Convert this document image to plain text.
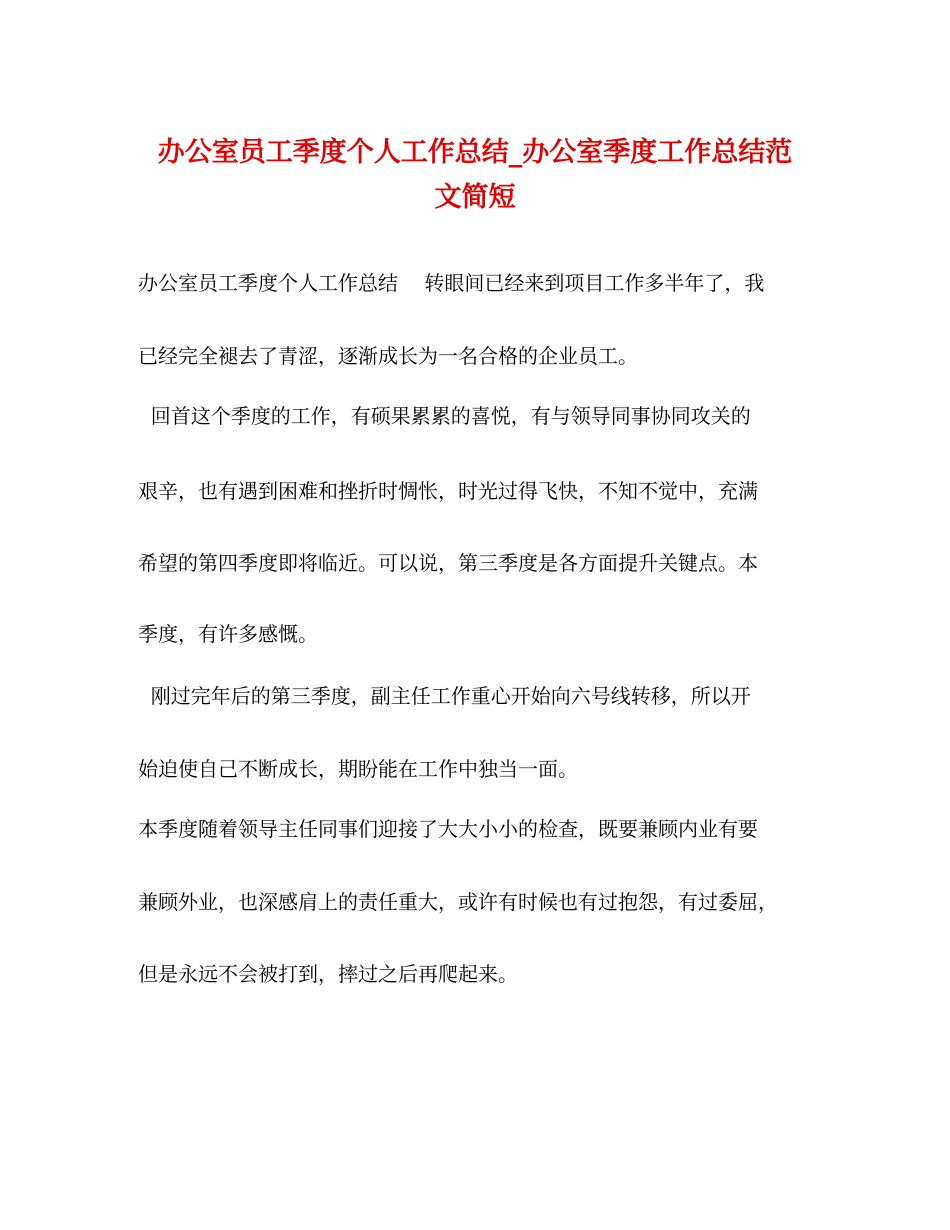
办公室员工季度个人工作总结_办公室季度工作总结范
文简短
办公室员工季度个人工作总结　 转眼间已经来到项目工作多半年了，我
已经完全褪去了青涩，逐渐成长为一名合格的企业员工。
回首这个季度的工作，有硕果累累的喜悦，有与领导同事协同攻关的
艰辛，也有遇到困难和挫折时惆怅，时光过得飞快，不知不觉中，充满
希望的第四季度即将临近。可以说，第三季度是各方面提升关键点。本
季度，有许多感慨。
刚过完年后的第三季度，副主任工作重心开始向六号线转移，所以开
始迫使自己不断成长，期盼能在工作中独当一面。
本季度随着领导主任同事们迎接了大大小小的检查，既要兼顾内业有要
兼顾外业，也深感肩上的责任重大，或许有时候也有过抱怨，有过委屈，
但是永远不会被打到，摔过之后再爬起来。
